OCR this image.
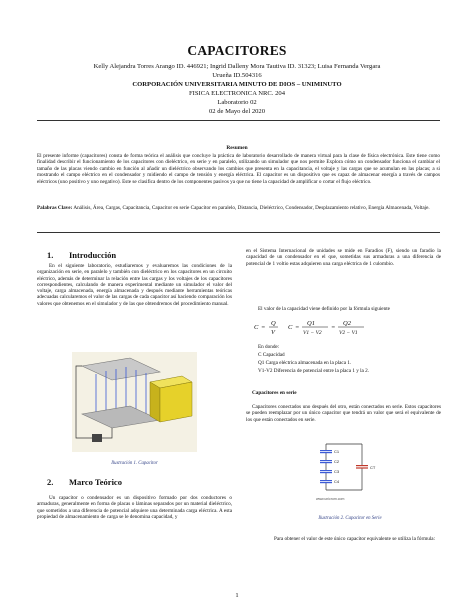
CAPACITORES
Kelly Alejandra Torres Arango ID. 446921; Ingrid Dalleny Mora Tautiva ID. 31323; Luisa Fernanda Vergara
Urueña ID.504316
CORPORACIÓN UNIVERSITARIA MINUTO DE DIOS – UNIMINUTO
FISICA ELECTRONICA NRC. 204
Laboratorio 02
02 de Mayo del 2020
Resumen
El presente informe (capacitores) consta de forma teórica el análisis que concluye la práctica de laboratorio desarrollado de manera virtual para la clase de física electrónica. Este tiene como finalidad describir el funcionamiento de los capacitores con dieléctrico, en serie y en paralelo, utilizando un simulador que nos permite Explora cómo un condensador funciona el cambiar el tamaño de las placas viendo cambio en función al añadir un dieléctrico observando los cambios que presenta en la capacitancia, el voltaje y las cargas que se acumulan en las placas; a si mostrando el campo eléctrico en el condensador y midiendo el campo de tensión y energía eléctrica. El capacitor es un dispositivo que es capaz de almacenar energía a través de campos eléctricos (uno positivo y uno negativo). Este se clasifica dentro de los componentes pasivos ya que no tiene la capacidad de amplificar o cortar el flujo eléctrico.
Palabras Clave: Análisis, Área, Cargas, Capacitancia, Capacitor en serie Capacitor en paralelo, Distancia, Dieléctrico, Condensador, Desplazamiento relativo, Energía Almacenada, Voltaje.
1. Introducción
En el siguiente laboratorio, estudiaremos y evaluaremos las condiciones de la organización en serie, en paralelo y también con dieléctrico en los capacitores en un circuito eléctrico, además de determinar la relación entre las cargas y los voltajes de los capacitores correspondientes, calculando de manera experimental mediante un simulador el valor del voltaje, carga almacenada, energía almacenada y después mediante herramientas teóricas adecuadas calcularemos el valor de las cargas de cada capacitor así haciendo comparación los valores que obtenemos en el simulador y de las que obtendremos del procedimiento manual.
Ilustración 1. Capacitor
2. Marco Teórico
Un capacitor o condensador es un dispositivo formado por dos conductores o armaduras, generalmente en forma de placas o láminas separados por un material dieléctrico, que sometidos a una diferencia de potencial adquiere una determinada carga eléctrica. A esta propiedad de almacenamiento de carga se le denomina capacidad, y
en el Sistema Internacional de unidades se mide en Faradios (F), siendo un faradio la capacidad de un condensador en el que, sometidas sus armaduras a una diferencia de potencial de 1 voltio estas adquieren una carga eléctrica de 1 culombio.
El valor de la capacidad viene definido por la fórmula siguiente
C =
Q
V
C =
Q1
V1 − V2
=
Q2
V2 − V1
En donde:
C Capacidad
Q1 Carga eléctrica almacenada en la placa 1.
V1-V2 Diferencia de potencial entre la placa 1 y la 2.
Capacitores en serie
Capacitores conectados uno después del otro, están conectados en serie. Estos capacitores se pueden reemplazar por un único capacitor que tendrá un valor que será el equivalente de los que están conectados en serie.
C1
C2
C3
C4
CT
www.unicrom.com
Ilustración 2. Capacitor en Serie
Para obtener el valor de este único capacitor equivalente se utiliza la fórmula:
1
